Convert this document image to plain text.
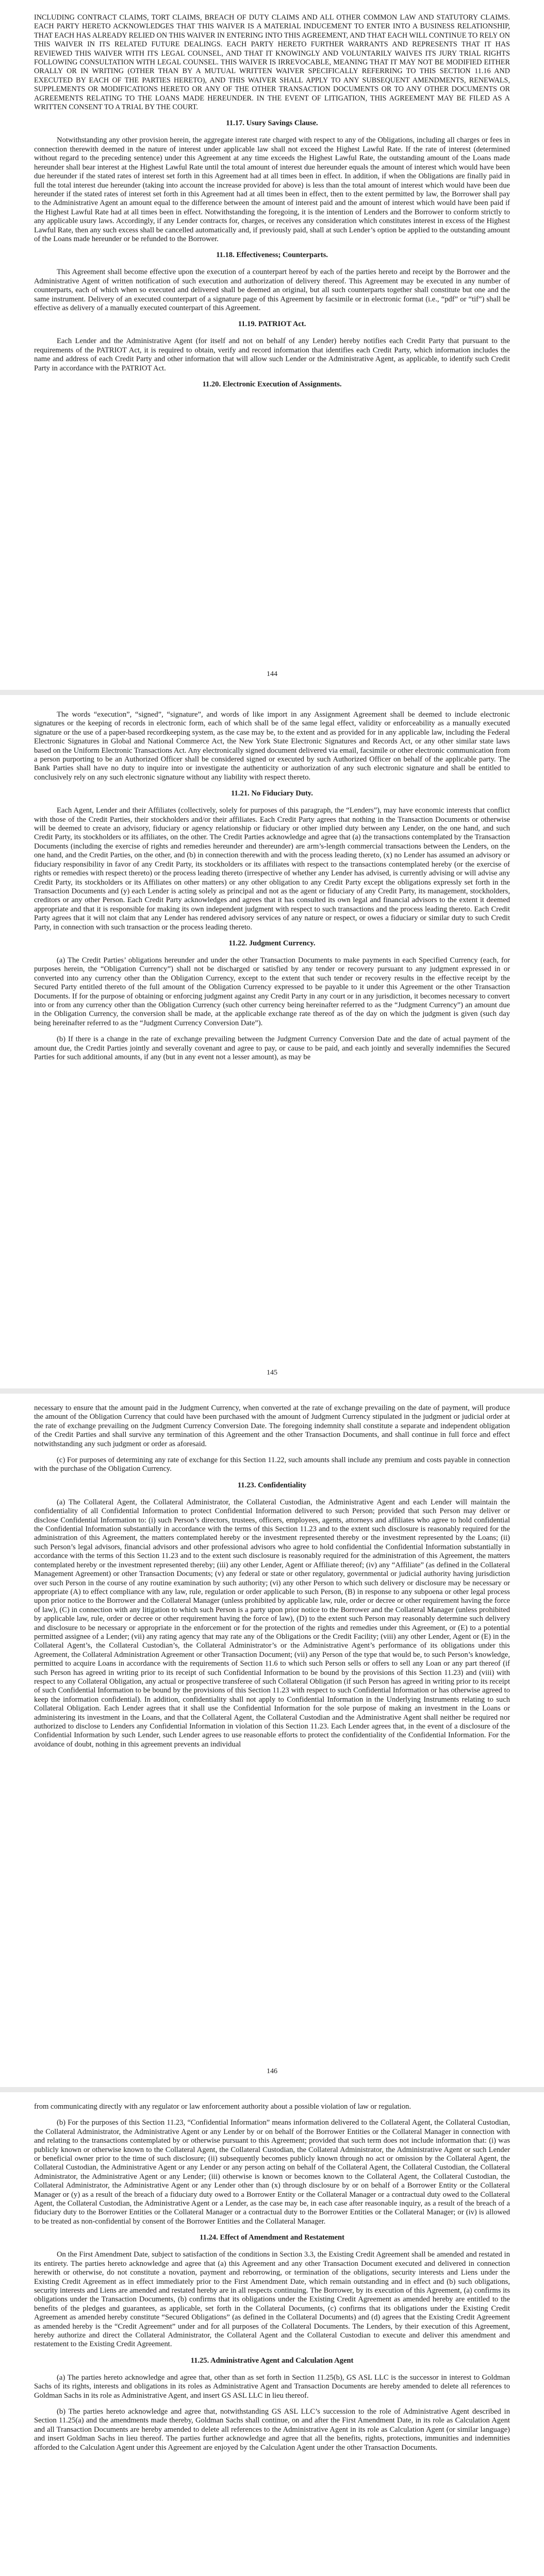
INCLUDING CONTRACT CLAIMS, TORT CLAIMS, BREACH OF DUTY CLAIMS AND ALL OTHER COMMON LAW AND STATUTORY CLAIMS. EACH PARTY HERETO ACKNOWLEDGES THAT THIS WAIVER IS A MATERIAL INDUCEMENT TO ENTER INTO A BUSINESS RELATIONSHIP, THAT EACH HAS ALREADY RELIED ON THIS WAIVER IN ENTERING INTO THIS AGREEMENT, AND THAT EACH WILL CONTINUE TO RELY ON THIS WAIVER IN ITS RELATED FUTURE DEALINGS. EACH PARTY HERETO FURTHER WARRANTS AND REPRESENTS THAT IT HAS REVIEWED THIS WAIVER WITH ITS LEGAL COUNSEL, AND THAT IT KNOWINGLY AND VOLUNTARILY WAIVES ITS JURY TRIAL RIGHTS FOLLOWING CONSULTATION WITH LEGAL COUNSEL. THIS WAIVER IS IRREVOCABLE, MEANING THAT IT MAY NOT BE MODIFIED EITHER ORALLY OR IN WRITING (OTHER THAN BY A MUTUAL WRITTEN WAIVER SPECIFICALLY REFERRING TO THIS SECTION 11.16 AND EXECUTED BY EACH OF THE PARTIES HERETO), AND THIS WAIVER SHALL APPLY TO ANY SUBSEQUENT AMENDMENTS, RENEWALS, SUPPLEMENTS OR MODIFICATIONS HERETO OR ANY OF THE OTHER TRANSACTION DOCUMENTS OR TO ANY OTHER DOCUMENTS OR AGREEMENTS RELATING TO THE LOANS MADE HEREUNDER. IN THE EVENT OF LITIGATION, THIS AGREEMENT MAY BE FILED AS A WRITTEN CONSENT TO A TRIAL BY THE COURT.

11.17. Usury Savings Clause.

Notwithstanding any other provision herein, the aggregate interest rate charged with respect to any of the Obligations, including all charges or fees in connection therewith deemed in the nature of interest under applicable law shall not exceed the Highest Lawful Rate. If the rate of interest (determined without regard to the preceding sentence) under this Agreement at any time exceeds the Highest Lawful Rate, the outstanding amount of the Loans made hereunder shall bear interest at the Highest Lawful Rate until the total amount of interest due hereunder equals the amount of interest which would have been due hereunder if the stated rates of interest set forth in this Agreement had at all times been in effect. In addition, if when the Obligations are finally paid in full the total interest due hereunder (taking into account the increase provided for above) is less than the total amount of interest which would have been due hereunder if the stated rates of interest set forth in this Agreement had at all times been in effect, then to the extent permitted by law, the Borrower shall pay to the Administrative Agent an amount equal to the difference between the amount of interest paid and the amount of interest which would have been paid if the Highest Lawful Rate had at all times been in effect. Notwithstanding the foregoing, it is the intention of Lenders and the Borrower to conform strictly to any applicable usury laws. Accordingly, if any Lender contracts for, charges, or receives any consideration which constitutes interest in excess of the Highest Lawful Rate, then any such excess shall be cancelled automatically and, if previously paid, shall at such Lender’s option be applied to the outstanding amount of the Loans made hereunder or be refunded to the Borrower.

11.18. Effectiveness; Counterparts.

This Agreement shall become effective upon the execution of a counterpart hereof by each of the parties hereto and receipt by the Borrower and the Administrative Agent of written notification of such execution and authorization of delivery thereof. This Agreement may be executed in any number of counterparts, each of which when so executed and delivered shall be deemed an original, but all such counterparts together shall constitute but one and the same instrument. Delivery of an executed counterpart of a signature page of this Agreement by facsimile or in electronic format (i.e., “pdf” or “tif”) shall be effective as delivery of a manually executed counterpart of this Agreement.

11.19. PATRIOT Act.

Each Lender and the Administrative Agent (for itself and not on behalf of any Lender) hereby notifies each Credit Party that pursuant to the requirements of the PATRIOT Act, it is required to obtain, verify and record information that identifies each Credit Party, which information includes the name and address of each Credit Party and other information that will allow such Lender or the Administrative Agent, as applicable, to identify such Credit Party in accordance with the PATRIOT Act.

11.20. Electronic Execution of Assignments.
144

The words “execution”, “signed”, “signature”, and words of like import in any Assignment Agreement shall be deemed to include electronic signatures or the keeping of records in electronic form, each of which shall be of the same legal effect, validity or enforceability as a manually executed signature or the use of a paper-based recordkeeping system, as the case may be, to the extent and as provided for in any applicable law, including the Federal Electronic Signatures in Global and National Commerce Act, the New York State Electronic Signatures and Records Act, or any other similar state laws based on the Uniform Electronic Transactions Act. Any electronically signed document delivered via email, facsimile or other electronic communication from a person purporting to be an Authorized Officer shall be considered signed or executed by such Authorized Officer on behalf of the applicable party. The Bank Parties shall have no duty to inquire into or investigate the authenticity or authorization of any such electronic signature and shall be entitled to conclusively rely on any such electronic signature without any liability with respect thereto.

11.21. No Fiduciary Duty.

Each Agent, Lender and their Affiliates (collectively, solely for purposes of this paragraph, the “Lenders”), may have economic interests that conflict with those of the Credit Parties, their stockholders and/or their affiliates. Each Credit Party agrees that nothing in the Transaction Documents or otherwise will be deemed to create an advisory, fiduciary or agency relationship or fiduciary or other implied duty between any Lender, on the one hand, and such Credit Party, its stockholders or its affiliates, on the other. The Credit Parties acknowledge and agree that (a) the transactions contemplated by the Transaction Documents (including the exercise of rights and remedies hereunder and thereunder) are arm’s-length commercial transactions between the Lenders, on the one hand, and the Credit Parties, on the other, and (b) in connection therewith and with the process leading thereto, (x) no Lender has assumed an advisory or fiduciary responsibility in favor of any Credit Party, its stockholders or its affiliates with respect to the transactions contemplated hereby (or the exercise of rights or remedies with respect thereto) or the process leading thereto (irrespective of whether any Lender has advised, is currently advising or will advise any Credit Party, its stockholders or its Affiliates on other matters) or any other obligation to any Credit Party except the obligations expressly set forth in the Transaction Documents and (y) each Lender is acting solely as principal and not as the agent or fiduciary of any Credit Party, its management, stockholders, creditors or any other Person. Each Credit Party acknowledges and agrees that it has consulted its own legal and financial advisors to the extent it deemed appropriate and that it is responsible for making its own independent judgment with respect to such transactions and the process leading thereto. Each Credit Party agrees that it will not claim that any Lender has rendered advisory services of any nature or respect, or owes a fiduciary or similar duty to such Credit Party, in connection with such transaction or the process leading thereto.

11.22. Judgment Currency.

(a) The Credit Parties’ obligations hereunder and under the other Transaction Documents to make payments in each Specified Currency (each, for purposes herein, the “Obligation Currency”) shall not be discharged or satisfied by any tender or recovery pursuant to any judgment expressed in or converted into any currency other than the Obligation Currency, except to the extent that such tender or recovery results in the effective receipt by the Secured Party entitled thereto of the full amount of the Obligation Currency expressed to be payable to it under this Agreement or the other Transaction Documents. If for the purpose of obtaining or enforcing judgment against any Credit Party in any court or in any jurisdiction, it becomes necessary to convert into or from any currency other than the Obligation Currency (such other currency being hereinafter referred to as the “Judgment Currency”) an amount due in the Obligation Currency, the conversion shall be made, at the applicable exchange rate thereof as of the day on which the judgment is given (such day being hereinafter referred to as the “Judgment Currency Conversion Date”).

(b) If there is a change in the rate of exchange prevailing between the Judgment Currency Conversion Date and the date of actual payment of the amount due, the Credit Parties jointly and severally covenant and agree to pay, or cause to be paid, and each jointly and severally indemnifies the Secured Parties for such additional amounts, if any (but in any event not a lesser amount), as may be

145

necessary to ensure that the amount paid in the Judgment Currency, when converted at the rate of exchange prevailing on the date of payment, will produce the amount of the Obligation Currency that could have been purchased with the amount of Judgment Currency stipulated in the judgment or judicial order at the rate of exchange prevailing on the Judgment Currency Conversion Date. The foregoing indemnity shall constitute a separate and independent obligation of the Credit Parties and shall survive any termination of this Agreement and the other Transaction Documents, and shall continue in full force and effect notwithstanding any such judgment or order as aforesaid.

(c) For purposes of determining any rate of exchange for this Section 11.22, such amounts shall include any premium and costs payable in connection with the purchase of the Obligation Currency.

11.23. Confidentiality

(a) The Collateral Agent, the Collateral Administrator, the Collateral Custodian, the Administrative Agent and each Lender will maintain the confidentiality of all Confidential Information to protect Confidential Information delivered to such Person; provided that such Person may deliver or disclose Confidential Information to: (i) such Person’s directors, trustees, officers, employees, agents, attorneys and affiliates who agree to hold confidential the Confidential Information substantially in accordance with the terms of this Section 11.23 and to the extent such disclosure is reasonably required for the administration of this Agreement, the matters contemplated hereby or the investment represented thereby or the investment represented by the Loans; (ii) such Person’s legal advisors, financial advisors and other professional advisors who agree to hold confidential the Confidential Information substantially in accordance with the terms of this Section 11.23 and to the extent such disclosure is reasonably required for the administration of this Agreement, the matters contemplated hereby or the investment represented thereby; (iii) any other Lender, Agent or Affiliate thereof; (iv) any “Affiliate” (as defined in the Collateral Management Agreement) or other Transaction Documents; (v) any federal or state or other regulatory, governmental or judicial authority having jurisdiction over such Person in the course of any routine examination by such authority; (vi) any other Person to which such delivery or disclosure may be necessary or appropriate (A) to effect compliance with any law, rule, regulation or order applicable to such Person, (B) in response to any subpoena or other legal process upon prior notice to the Borrower and the Collateral Manager (unless prohibited by applicable law, rule, order or decree or other requirement having the force of law), (C) in connection with any litigation to which such Person is a party upon prior notice to the Borrower and the Collateral Manager (unless prohibited by applicable law, rule, order or decree or other requirement having the force of law), (D) to the extent such Person may reasonably determine such delivery and disclosure to be necessary or appropriate in the enforcement or for the protection of the rights and remedies under this Agreement, or (E) to a potential permitted assignee of a Lender; (vii) any rating agency that may rate any of the Obligations or the Credit Facility; (viii) any other Lender, Agent or (E) in the Collateral Agent’s, the Collateral Custodian’s, the Collateral Administrator’s or the Administrative Agent’s performance of its obligations under this Agreement, the Collateral Administration Agreement or other Transaction Document; (vii) any Person of the type that would be, to such Person’s knowledge, permitted to acquire Loans in accordance with the requirements of Section 11.6 to which such Person sells or offers to sell any Loan or any part thereof (if such Person has agreed in writing prior to its receipt of such Confidential Information to be bound by the provisions of this Section 11.23) and (viii) with respect to any Collateral Obligation, any actual or prospective transferee of such Collateral Obligation (if such Person has agreed in writing prior to its receipt of such Confidential Information to be bound by the provisions of this Section 11.23 with respect to such Confidential Information or has otherwise agreed to keep the information confidential). In addition, confidentiality shall not apply to Confidential Information in the Underlying Instruments relating to such Collateral Obligation. Each Lender agrees that it shall use the Confidential Information for the sole purpose of making an investment in the Loans or administering its investment in the Loans, and that the Collateral Agent, the Collateral Custodian and the Administrative Agent shall neither be required nor authorized to disclose to Lenders any Confidential Information in violation of this Section 11.23. Each Lender agrees that, in the event of a disclosure of the Confidential Information by such Lender, such Lender agrees to use reasonable efforts to protect the confidentiality of the Confidential Information. For the avoidance of doubt, nothing in this agreement prevents an individual

146

from communicating directly with any regulator or law enforcement authority about a possible violation of law or regulation.

(b) For the purposes of this Section 11.23, “Confidential Information” means information delivered to the Collateral Agent, the Collateral Custodian, the Collateral Administrator, the Administrative Agent or any Lender by or on behalf of the Borrower Entities or the Collateral Manager in connection with and relating to the transactions contemplated by or otherwise pursuant to this Agreement; provided that such term does not include information that: (i) was publicly known or otherwise known to the Collateral Agent, the Collateral Custodian, the Collateral Administrator, the Administrative Agent or such Lender or beneficial owner prior to the time of such disclosure; (ii) subsequently becomes publicly known through no act or omission by the Collateral Agent, the Collateral Custodian, the Administrative Agent or any Lender or any person acting on behalf of the Collateral Agent, the Collateral Custodian, the Collateral Administrator, the Administrative Agent or any Lender; (iii) otherwise is known or becomes known to the Collateral Agent, the Collateral Custodian, the Collateral Administrator, the Administrative Agent or any Lender other than (x) through disclosure by or on behalf of a Borrower Entity or the Collateral Manager or (y) as a result of the breach of a fiduciary duty owed to a Borrower Entity or the Collateral Manager or a contractual duty owed to the Collateral Agent, the Collateral Custodian, the Administrative Agent or a Lender, as the case may be, in each case after reasonable inquiry, as a result of the breach of a fiduciary duty to the Borrower Entities or the Collateral Manager or a contractual duty to the Borrower Entities or the Collateral Manager; or (iv) is allowed to be treated as non-confidential by consent of the Borrower Entities and the Collateral Manager.

11.24. Effect of Amendment and Restatement

On the First Amendment Date, subject to satisfaction of the conditions in Section 3.3, the Existing Credit Agreement shall be amended and restated in its entirety. The parties hereto acknowledge and agree that (a) this Agreement and any other Transaction Document executed and delivered in connection herewith or otherwise, do not constitute a novation, payment and reborrowing, or termination of the obligations, security interests and Liens under the Existing Credit Agreement as in effect immediately prior to the First Amendment Date, which remain outstanding and in effect and (b) such obligations, security interests and Liens are amended and restated hereby are in all respects continuing. The Borrower, by its execution of this Agreement, (a) confirms its obligations under the Transaction Documents, (b) confirms that its obligations under the Existing Credit Agreement as amended hereby are entitled to the benefits of the pledges and guarantees, as applicable, set forth in the Collateral Documents, (c) confirms that its obligations under the Existing Credit Agreement as amended hereby constitute “Secured Obligations” (as defined in the Collateral Documents) and (d) agrees that the Existing Credit Agreement as amended hereby is the “Credit Agreement” under and for all purposes of the Collateral Documents. The Lenders, by their execution of this Agreement, hereby authorize and direct the Collateral Administrator, the Collateral Agent and the Collateral Custodian to execute and deliver this amendment and restatement to the Existing Credit Agreement.

11.25. Administrative Agent and Calculation Agent

(a) The parties hereto acknowledge and agree that, other than as set forth in Section 11.25(b), GS ASL LLC is the successor in interest to Goldman Sachs of its rights, interests and obligations in its roles as Administrative Agent and Transaction Documents are hereby amended to delete all references to Goldman Sachs in its role as Administrative Agent, and insert GS ASL LLC in lieu thereof.

(b) The parties hereto acknowledge and agree that, notwithstanding GS ASL LLC’s succession to the role of Administrative Agent described in Section 11.25(a) and the amendments made thereby, Goldman Sachs shall continue, on and after the First Amendment Date, in its role as Calculation Agent and all Transaction Documents are hereby amended to delete all references to the Administrative Agent in its role as Calculation Agent (or similar language) and insert Goldman Sachs in lieu thereof. The parties further acknowledge and agree that all the benefits, rights, protections, immunities and indemnities afforded to the Calculation Agent under this Agreement are enjoyed by the Calculation Agent under the other Transaction Documents.
